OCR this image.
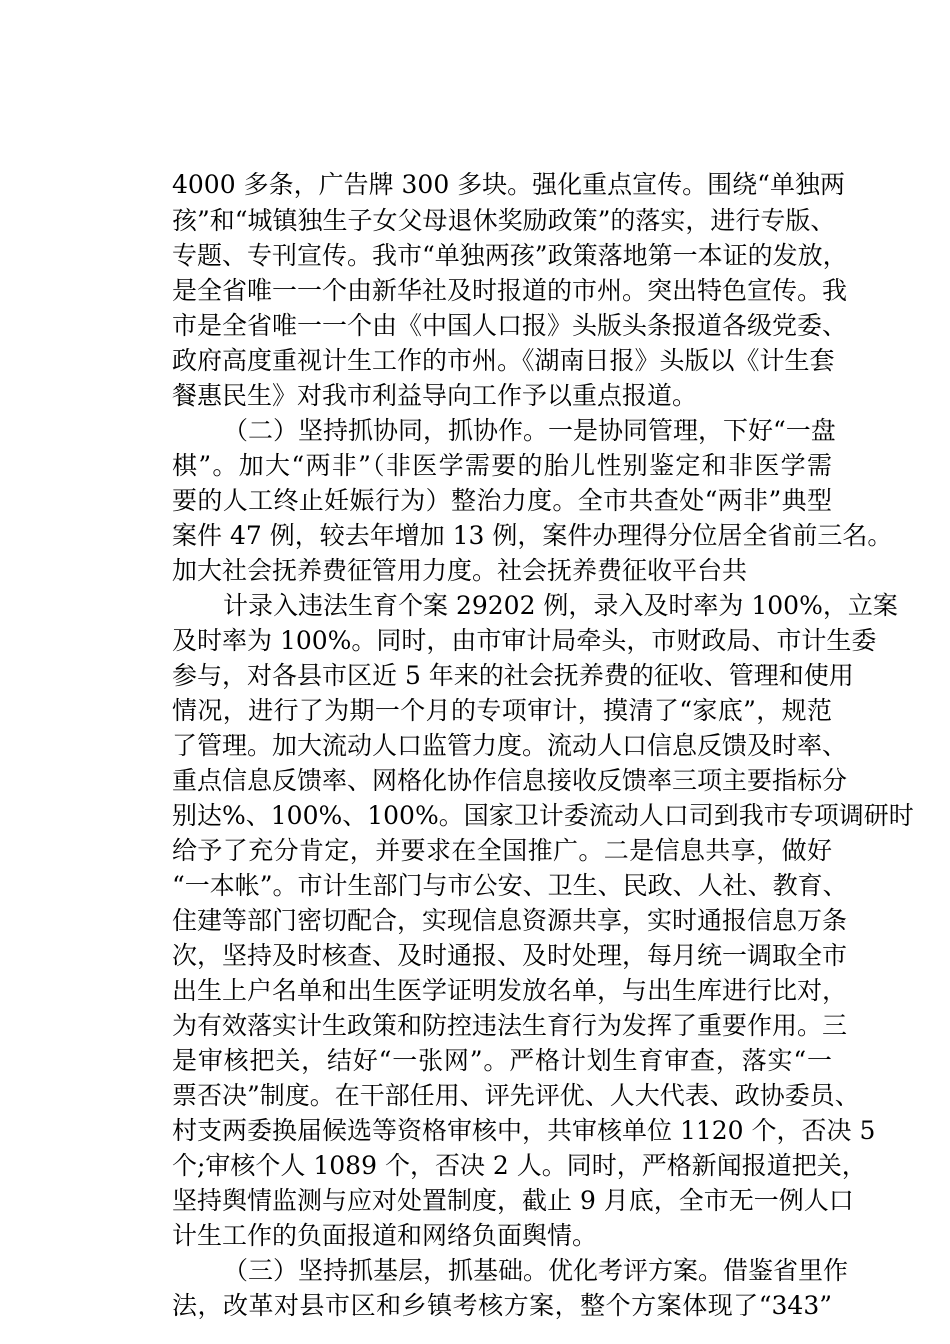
4000 多条，广告牌 300 多块。强化重点宣传。围绕“单独两
孩”和“城镇独生子女父母退休奖励政策”的落实，进行专版、
专题、专刊宣传。我市“单独两孩”政策落地第一本证的发放，
是全省唯一一个由新华社及时报道的市州。突出特色宣传。我
市是全省唯一一个由《中国人口报》头版头条报道各级党委、
政府高度重视计生工作的市州。《湖南日报》头版以《计生套
餐惠民生》对我市利益导向工作予以重点报道。
（二）坚持抓协同，抓协作。一是协同管理，下好“一盘
棋”。加大“两非”（非医学需要的胎儿性别鉴定和非医学需
要的人工终止妊娠行为）整治力度。全市共查处“两非”典型
案件 47 例，较去年增加 13 例，案件办理得分位居全省前三名。
加大社会抚养费征管用力度。社会抚养费征收平台共
计录入违法生育个案 29202 例，录入及时率为 100%，立案
及时率为 100%。同时，由市审计局牵头，市财政局、市计生委
参与，对各县市区近 5 年来的社会抚养费的征收、管理和使用
情况，进行了为期一个月的专项审计，摸清了“家底”，规范
了管理。加大流动人口监管力度。流动人口信息反馈及时率、
重点信息反馈率、网格化协作信息接收反馈率三项主要指标分
别达%、100%、100%。国家卫计委流动人口司到我市专项调研时
给予了充分肯定，并要求在全国推广。二是信息共享，做好
“一本帐”。市计生部门与市公安、卫生、民政、人社、教育、
住建等部门密切配合，实现信息资源共享，实时通报信息万条
次，坚持及时核查、及时通报、及时处理，每月统一调取全市
出生上户名单和出生医学证明发放名单，与出生库进行比对，
为有效落实计生政策和防控违法生育行为发挥了重要作用。三
是审核把关，结好“一张网”。严格计划生育审查，落实“一
票否决”制度。在干部任用、评先评优、人大代表、政协委员、
村支两委换届候选等资格审核中，共审核单位 1120 个，否决 5
个;审核个人 1089 个，否决 2 人。同时，严格新闻报道把关，
坚持舆情监测与应对处置制度，截止 9 月底，全市无一例人口
计生工作的负面报道和网络负面舆情。
（三）坚持抓基层，抓基础。优化考评方案。借鉴省里作
法，改革对县市区和乡镇考核方案，整个方案体现了“343”
